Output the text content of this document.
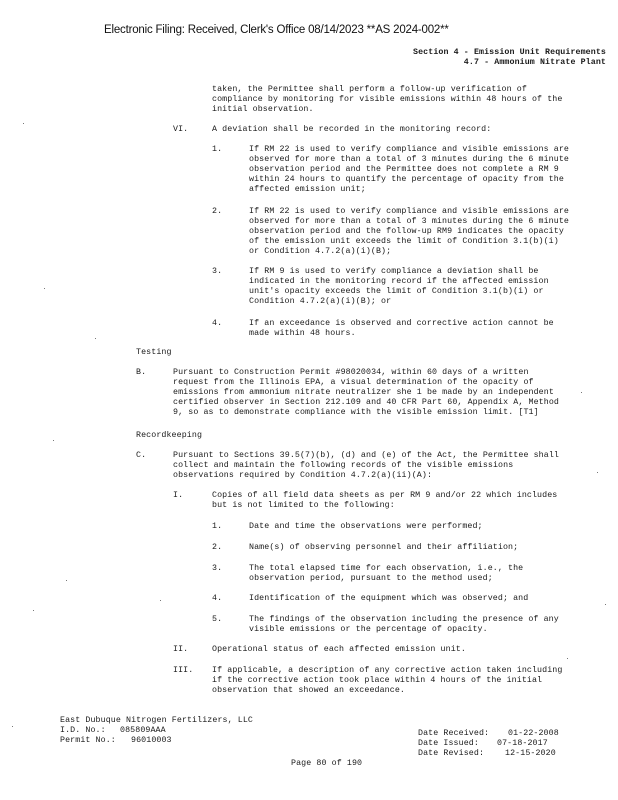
Electronic Filing: Received, Clerk's Office 08/14/2023 **AS 2024-002**
Section 4 - Emission Unit Requirements
4.7 - Ammonium Nitrate Plant
taken, the Permittee shall perform a follow-up verification of
compliance by monitoring for visible emissions within 48 hours of the
initial observation.
VI.	A deviation shall be recorded in the monitoring record:
1.	If RM 22 is used to verify compliance and visible emissions are
observed for more than a total of 3 minutes during the 6 minute
observation period and the Permittee does not complete a RM 9
within 24 hours to quantify the percentage of opacity from the
affected emission unit;
2.	If RM 22 is used to verify compliance and visible emissions are
observed for more than a total of 3 minutes during the 6 minute
observation period and the follow-up RM9 indicates the opacity
of the emission unit exceeds the limit of Condition 3.1(b)(i)
or Condition 4.7.2(a)(i)(B);
3.	If RM 9 is used to verify compliance a deviation shall be
indicated in the monitoring record if the affected emission
unit's opacity exceeds the limit of Condition 3.1(b)(i) or
Condition 4.7.2(a)(i)(B); or
4.	If an exceedance is observed and corrective action cannot be
made within 48 hours.
Testing
B.	Pursuant to Construction Permit #98020034, within 60 days of a written
request from the Illinois EPA, a visual determination of the opacity of
emissions from ammonium nitrate neutralizer she 1 be made by an independent
certified observer in Section 212.109 and 40 CFR Part 60, Appendix A, Method
9, so as to demonstrate compliance with the visible emission limit. [T1]
Recordkeeping
C.	Pursuant to Sections 39.5(7)(b), (d) and (e) of the Act, the Permittee shall
collect and maintain the following records of the visible emissions
observations required by Condition 4.7.2(a)(ii)(A):
I.	Copies of all field data sheets as per RM 9 and/or 22 which includes
but is not limited to the following:
1.	Date and time the observations were performed;
2.	Name(s) of observing personnel and their affiliation;
3.	The total elapsed time for each observation, i.e., the
observation period, pursuant to the method used;
4.	Identification of the equipment which was observed; and
5.	The findings of the observation including the presence of any
visible emissions or the percentage of opacity.
II.	Operational status of each affected emission unit.
III. If applicable, a description of any corrective action taken including
if the corrective action took place within 4 hours of the initial
observation that showed an exceedance.
East Dubuque Nitrogen Fertilizers, LLC
I.D. No.: 085809AAA
Permit No.: 96010003
Date Received: 01-22-2008
Date Issued: 07-18-2017
Date Revised:	12-15-2020
Page 80 of 190
